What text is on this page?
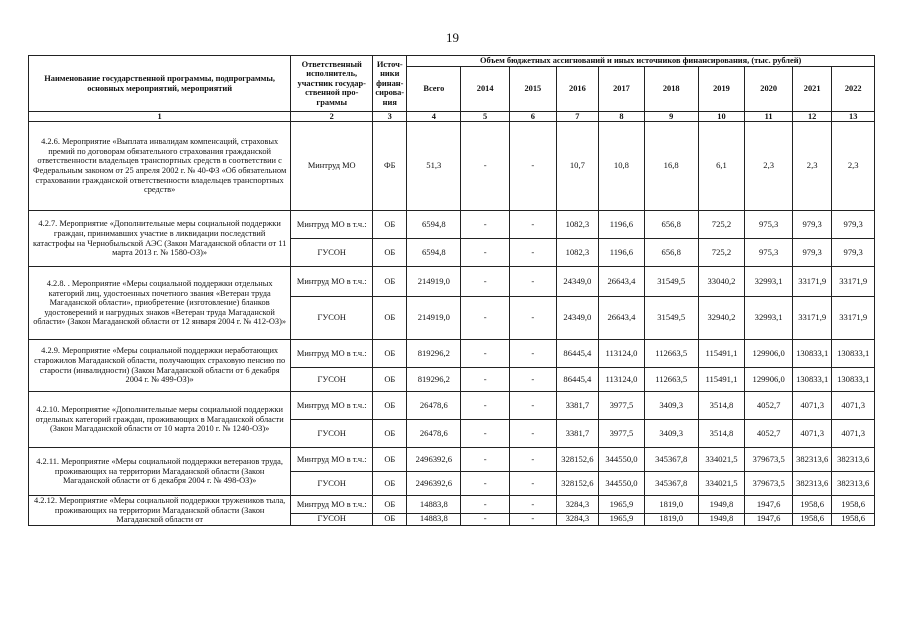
19
Наименование государственной программы, подпрограммы, основных мероприятий, мероприятий	Ответственный исполнитель, участник государ-ственной про-граммы	Источ-ники финан-сирова-ния	Объем бюджетных ассигнований и иных источников финансирования, (тыс. рублей)									
			Всего	2014	2015	2016	2017	2018	2019	2020	2021	2022
1	2	3	4	5	6	7	8	9	10	11	12	13
4.2.6. Мероприятие «Выплата инвалидам компенсаций, страховых премий по договорам обязательного страхования гражданской ответственности владельцев транспортных средств в соответствии с Федеральным законом от 25 апреля 2002 г. № 40-ФЗ «Об обязательном страховании гражданской ответственности владельцев транспортных средств»	Минтруд МО	ФБ	51,3	-	-	10,7	10,8	16,8	6,1	2,3	2,3	2,3
4.2.7. Мероприятие «Дополнительные меры социальной поддержки граждан, принимавших участие в ликвидации последствий катастрофы на Чернобыльской АЭС (Закон Магаданской области от 11 марта 2013 г. № 1580-ОЗ)»	Минтруд МО в т.ч.:	ОБ	6594,8	-	-	1082,3	1196,6	656,8	725,2	975,3	979,3	979,3
	ГУСОН	ОБ	6594,8	-	-	1082,3	1196,6	656,8	725,2	975,3	979,3	979,3
4.2.8. . Мероприятие «Меры социальной поддержки отдельных категорий лиц, удостоенных почетного звания «Ветеран труда Магаданской области», приобретение (изготовление) бланков удостоверений и нагрудных знаков «Ветеран труда Магаданской области» (Закон Магаданской области от 12 января 2004 г. № 412-ОЗ)»	Минтруд МО в т.ч.:	ОБ	214919,0	-	-	24349,0	26643,4	31549,5	33040,2	32993,1	33171,9	33171,9
	ГУСОН	ОБ	214919,0	-	-	24349,0	26643,4	31549,5	32940,2	32993,1	33171,9	33171,9
4.2.9. Мероприятие «Меры социальной поддержки неработающих старожилов Магаданской области, получающих страховую пенсию по старости (инвалидности) (Закон Магаданской области от 6 декабря 2004 г. № 499-ОЗ)»	Минтруд МО в т.ч.:	ОБ	819296,2	-	-	86445,4	113124,0	112663,5	115491,1	129906,0	130833,1	130833,1
	ГУСОН	ОБ	819296,2	-	-	86445,4	113124,0	112663,5	115491,1	129906,0	130833,1	130833,1
4.2.10. Мероприятие «Дополнительные меры социальной поддержки отдельных категорий граждан, проживающих в Магаданской области (Закон Магаданской области от 10 марта 2010 г. № 1240-ОЗ)»	Минтруд МО в т.ч.:	ОБ	26478,6	-	-	3381,7	3977,5	3409,3	3514,8	4052,7	4071,3	4071,3
	ГУСОН	ОБ	26478,6	-	-	3381,7	3977,5	3409,3	3514,8	4052,7	4071,3	4071,3
4.2.11. Мероприятие «Меры социальной поддержки ветеранов труда, проживающих на территории Магаданской области (Закон Магаданской области от 6 декабря 2004 г. № 498-ОЗ)»	Минтруд МО в т.ч.:	ОБ	2496392,6	-	-	328152,6	344550,0	345367,8	334021,5	379673,5	382313,6	382313,6
	ГУСОН	ОБ	2496392,6	-	-	328152,6	344550,0	345367,8	334021,5	379673,5	382313,6	382313,6
4.2.12. Мероприятие «Меры социальной поддержки тружеников тыла, проживающих на территории Магаданской области (Закон Магаданской области от	Минтруд МО в т.ч.:	ОБ	14883,8	-	-	3284,3	1965,9	1819,0	1949,8	1947,6	1958,6	1958,6
	ГУСОН	ОБ	14883,8	-	-	3284,3	1965,9	1819,0	1949,8	1947,6	1958,6	1958,6
